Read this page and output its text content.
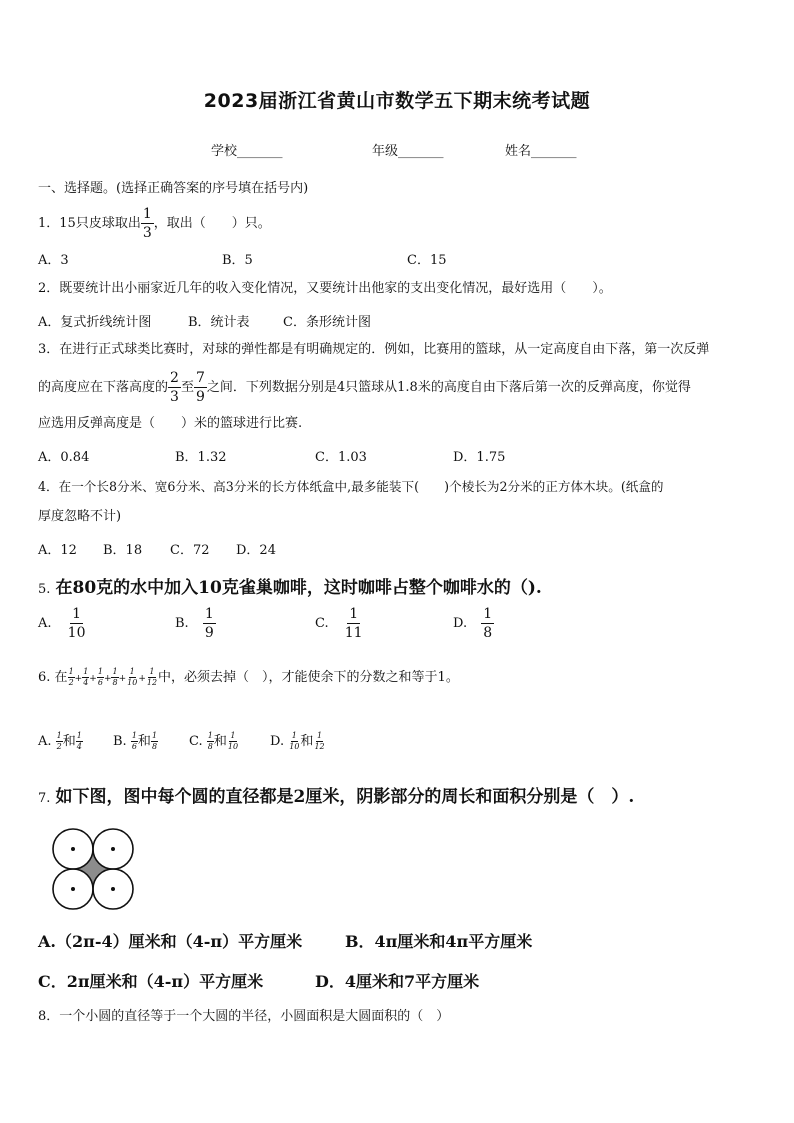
2023届浙江省黄山市数学五下期末统考试题
学校_______	年级_______	姓名_______
一、选择题。(选择正确答案的序号填在括号内)
1．15只皮球取出 $\frac{1}{3}$ ，取出（　　）只。
A．3	B．5	C．15
2．既要统计出小丽家近几年的收入变化情况，又要统计出他家的支出变化情况，最好选用（　　）。
A．复式折线统计图	B．统计表	C．条形统计图
3．在进行正式球类比赛时，对球的弹性都是有明确规定的．例如，比赛用的篮球，从一定高度自由下落，第一次反弹
的高度应在下落高度的 $\frac{2}{3}$ 至 $\frac{7}{9}$ 之间．下列数据分别是4只篮球从1.8米的高度自由下落后第一次的反弹高度，你觉得
应选用反弹高度是（　　）米的篮球进行比赛.
A．0.84	B．1.32	C．1.03	D．1.75
4．在一个长8分米、宽6分米、高3分米的长方体纸盒中,最多能装下(　　)个棱长为2分米的正方体木块。(纸盒的
厚度忽略不计)
A．12 B．18 C．72 D．24
5. 在80克的水中加入10克雀巢咖啡，这时咖啡占整个咖啡水的（).
A. $\frac{1}{10}$	B. $\frac{1}{9}$	C. $\frac{1}{11}$	D. $\frac{1}{8}$
6. 在 $\frac{1}{2} + \frac{1}{4} + \frac{1}{6} + \frac{1}{8} + \frac{1}{10} + \frac{1}{12}$ 中，必须去掉（　），才能使余下的分数之和等于1。
A. $\frac{1}{2}$ 和 $\frac{1}{4} B$. $\frac{1}{6}$ 和 $\frac{1}{8} C$. $\frac{1}{8}$ 和 $\frac{1}{10} D$. $\frac{1}{10}$ 和 $\frac{1}{12}$
7. 如下图，图中每个圆的直径都是2厘米，阴影部分的周长和面积分别是（　）.
A.（2π-4）厘米和（4-π）平方厘米	B．4π厘米和4π平方厘米
C．2π厘米和（4-π）平方厘米	D．4厘米和7平方厘米
8．一个小圆的直径等于一个大圆的半径，小圆面积是大圆面积的（　）
